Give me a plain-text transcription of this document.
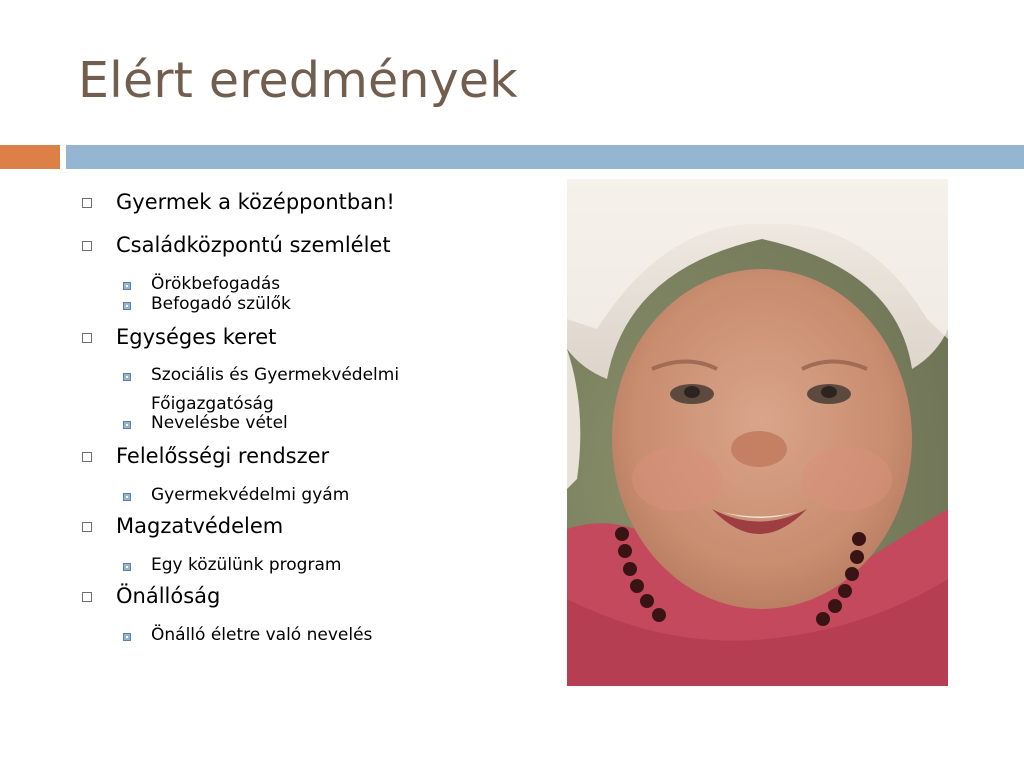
Elért eredmények
Gyermek a középpontban!
Családközpontú szemlélet
Örökbefogadás
Befogadó szülők
Egységes keret
Szociális és Gyermekvédelmi Főigazgatóság
Nevelésbe vétel
Felelősségi rendszer
Gyermekvédelmi gyám
Magzatvédelem
Egy közülünk program
Önállóság
Önálló életre való nevelés
